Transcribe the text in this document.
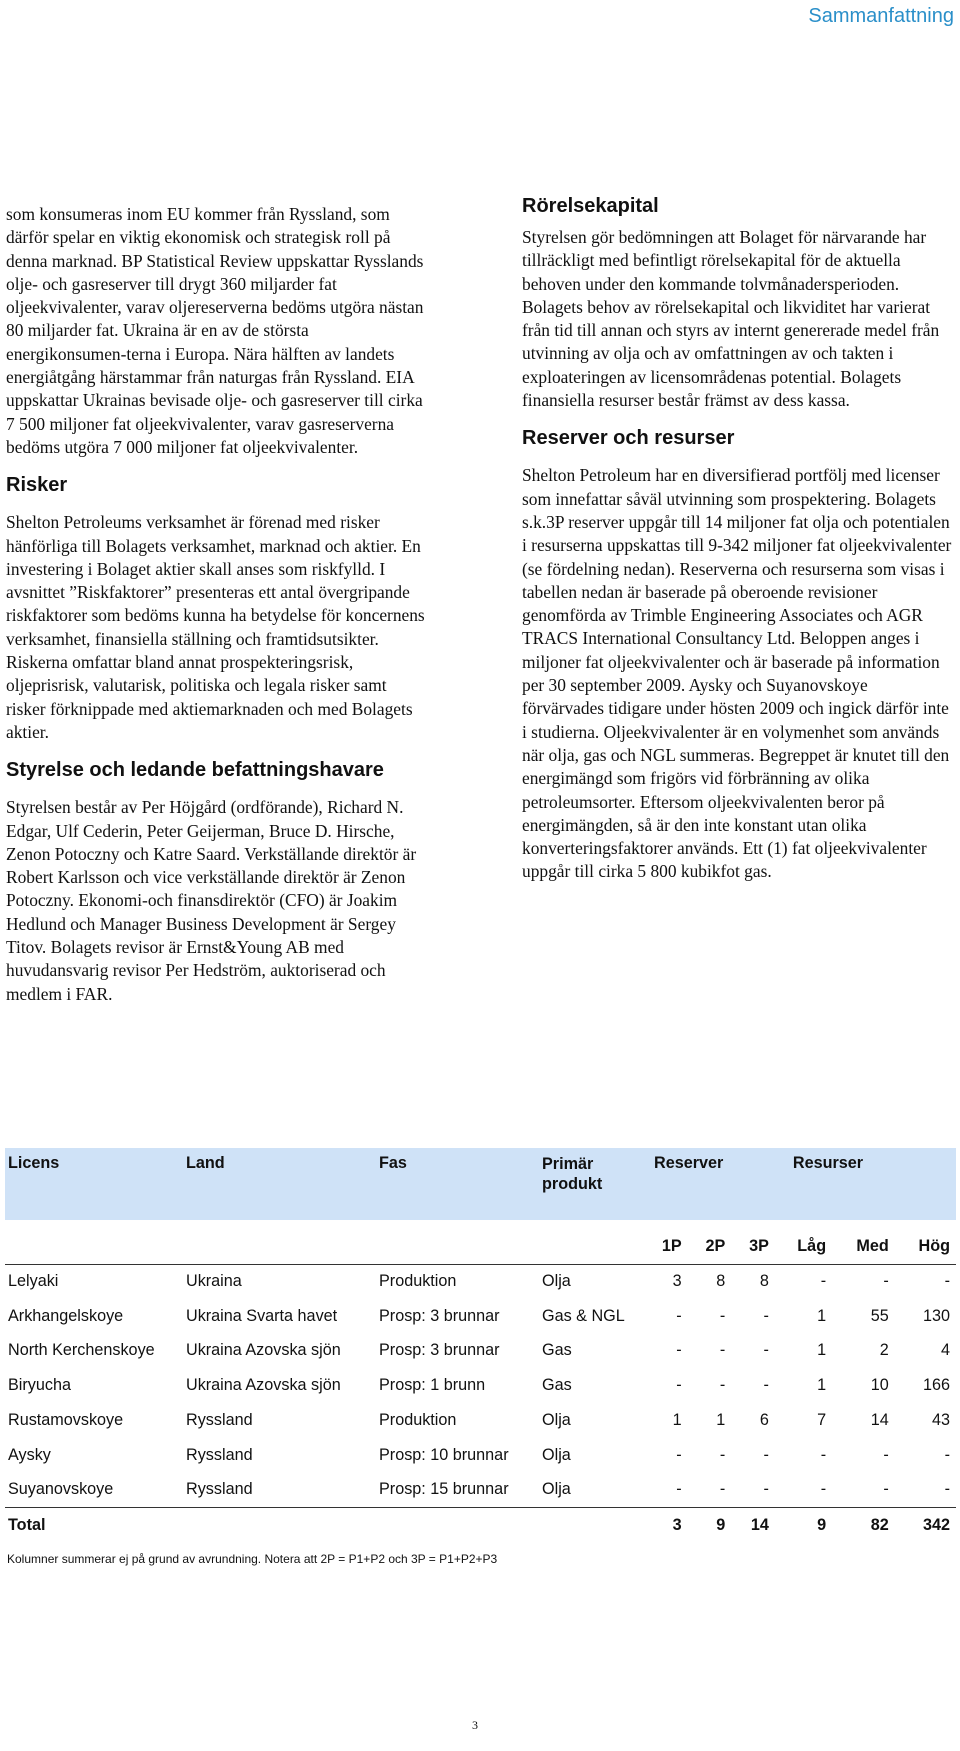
Sammanfattning

som konsumeras inom EU kommer från Ryssland, som därför spelar en viktig ekonomisk och strategisk roll på denna marknad. BP Statistical Review uppskattar Rysslands olje- och gasreserver till drygt 360 miljarder fat oljeekvivalenter, varav oljereserverna bedöms utgöra nästan 80 miljarder fat. Ukraina är en av de största energikonsumen-terna i Europa. Nära hälften av landets energiåtgång härstammar från naturgas från Ryssland. EIA uppskattar Ukrainas bevisade olje- och gasreserver till cirka 7 500 miljoner fat oljeekvivalenter, varav gasreserverna bedöms utgöra 7 000 miljoner fat oljeekvivalenter.

Risker

Shelton Petroleums verksamhet är förenad med risker hänförliga till Bolagets verksamhet, marknad och aktier. En investering i Bolaget aktier skall anses som riskfylld. I avsnittet ”Riskfaktorer” presenteras ett antal övergripande riskfaktorer som bedöms kunna ha betydelse för koncernens verksamhet, finansiella ställning och framtidsutsikter. Riskerna omfattar bland annat prospekteringsrisk, oljeprisrisk, valutarisk, politiska och legala risker samt risker förknippade med aktiemarknaden och med Bolagets aktier.

Styrelse och ledande befattningshavare

Styrelsen består av Per Höjgård (ordförande), Richard N. Edgar, Ulf Cederin, Peter Geijerman, Bruce D. Hirsche, Zenon Potoczny och Katre Saard. Verkställande direktör är Robert Karlsson och vice verkställande direktör är Zenon Potoczny. Ekonomi-och finansdirektör (CFO) är Joakim Hedlund och Manager Business Development är Sergey Titov. Bolagets revisor är Ernst&Young AB med huvudansvarig revisor Per Hedström, auktoriserad och medlem i FAR.

Rörelsekapital

Styrelsen gör bedömningen att Bolaget för närvarande har tillräckligt med befintligt rörelsekapital för de aktuella behoven under den kommande tolvmånadersperioden. Bolagets behov av rörelsekapital och likviditet har varierat från tid till annan och styrs av internt genererade medel från utvinning av olja och av omfattningen av och takten i exploateringen av licensområdenas potential. Bolagets finansiella resurser består främst av dess kassa.

Reserver och resurser

Shelton Petroleum har en diversifierad portfölj med licenser som innefattar såväl utvinning som prospektering. Bolagets s.k.3P reserver uppgår till 14 miljoner fat olja och potentialen i resurserna uppskattas till 9-342 miljoner fat oljeekvivalenter (se fördelning nedan). Reserverna och resurserna som visas i tabellen nedan är baserade på oberoende revisioner genomförda av Trimble Engineering Associates och AGR TRACS International Consultancy Ltd. Beloppen anges i miljoner fat oljeekvivalenter och är baserade på information per 30 september 2009. Aysky och Suyanovskoye förvärvades tidigare under hösten 2009 och ingick därför inte i studierna. Oljeekvivalenter är en volymenhet som används när olja, gas och NGL summeras. Begreppet är knutet till den energimängd som frigörs vid förbränning av olika petroleumsorter. Eftersom oljeekvivalenten beror på energimängden, så är den inte konstant utan olika konverteringsfaktorer används. Ett (1) fat oljeekvivalenter uppgår till cirka 5 800 kubikfot gas.

Licens	Land	Fas	Primär produkt	Reserver			Resurser		
				1P	2P	3P	Låg	Med	Hög
Lelyaki	Ukraina	Produktion	Olja	3	8	8	-	-	-
Arkhangelskoye	Ukraina Svarta havet	Prosp: 3 brunnar	Gas & NGL	-	-	-	1	55	130
North Kerchenskoye	Ukraina Azovska sjön	Prosp: 3 brunnar	Gas	-	-	-	1	2	4
Biryucha	Ukraina Azovska sjön	Prosp: 1 brunn	Gas	-	-	-	1	10	166
Rustamovskoye	Ryssland	Produktion	Olja	1	1	6	7	14	43
Aysky	Ryssland	Prosp: 10 brunnar	Olja	-	-	-	-	-	-
Suyanovskoye	Ryssland	Prosp: 15 brunnar	Olja	-	-	-	-	-	-
Total				3	9	14	9	82	342

Kolumner summerar ej på grund av avrundning. Notera att 2P = P1+P2 och 3P = P1+P2+P3

3
